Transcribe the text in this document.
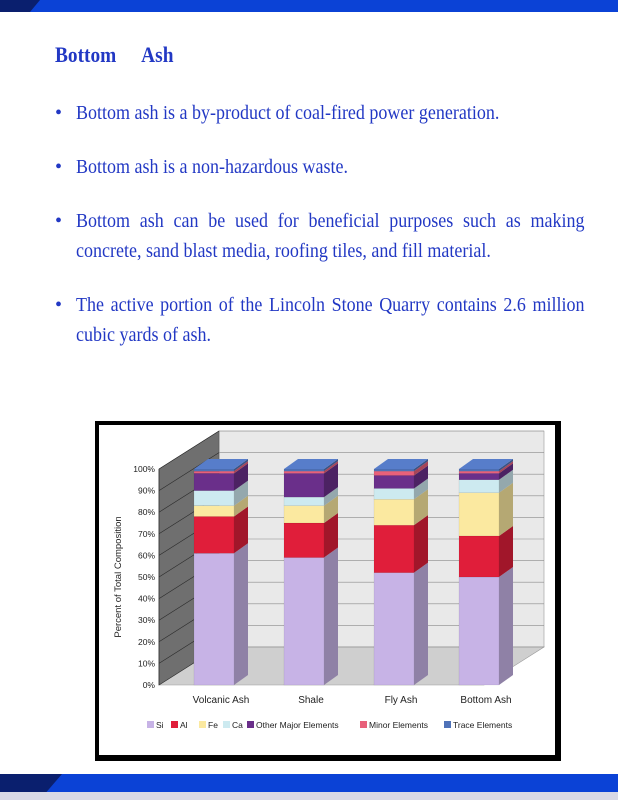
Bottom Ash
• Bottom ash is a by-product of coal-fired power generation.
• Bottom ash is a non-hazardous waste.
• Bottom ash can be used for beneficial purposes such as making concrete, sand blast media, roofing tiles, and fill material.
• The active portion of the Lincoln Stone Quarry contains 2.6 million cubic yards of ash.
0%
10%
20%
30%
40%
50%
60%
70%
80%
90%
100%
Percent of Total Composition
Volcanic Ash	Shale	Fly Ash	Bottom Ash
Si Al Fe Ca Other Major Elements	Minor Elements	Trace Elements
